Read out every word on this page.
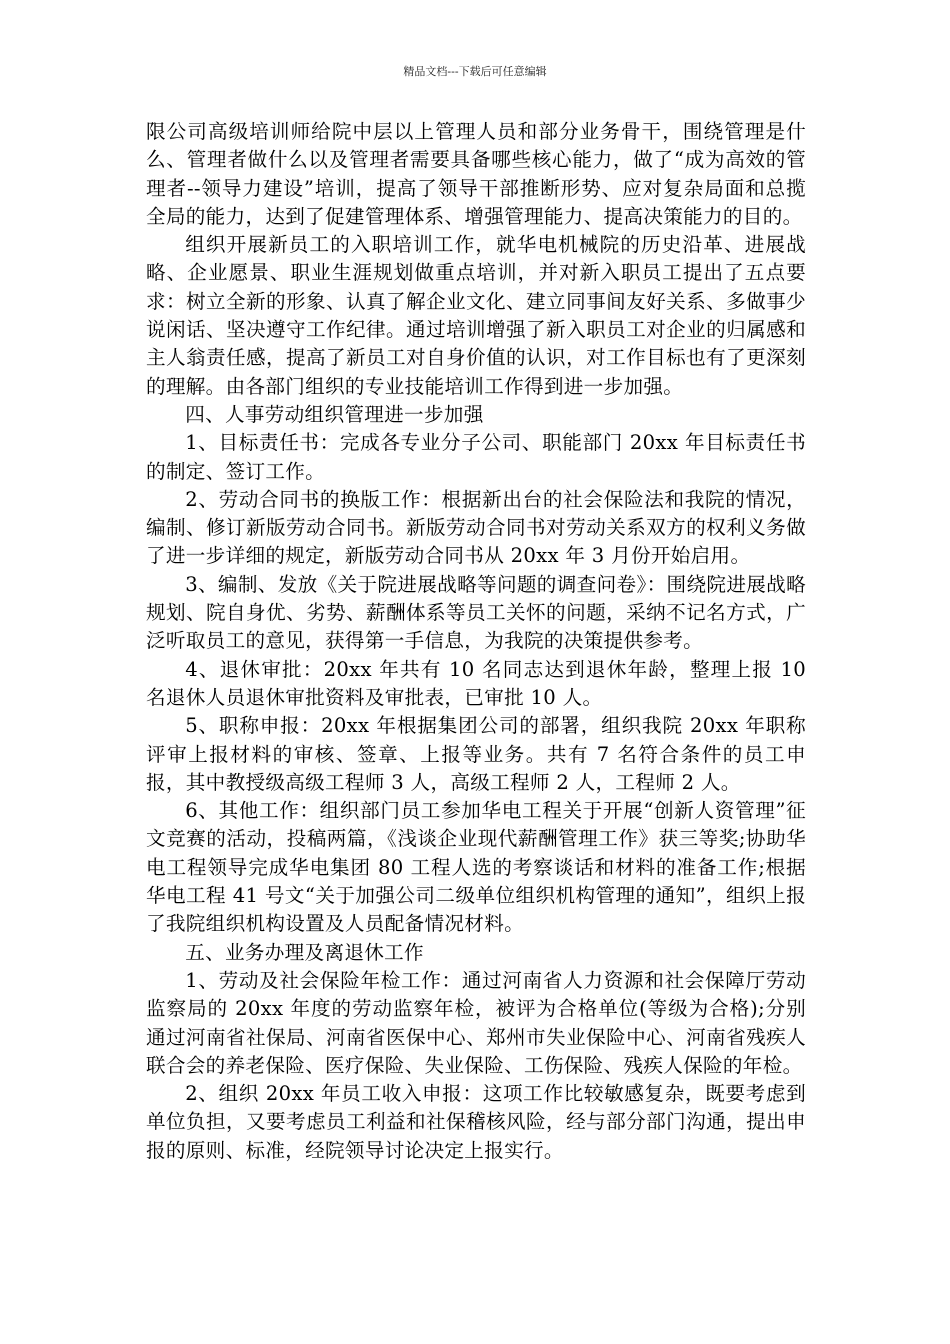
精品文档---下载后可任意编辑

限公司高级培训师给院中层以上管理人员和部分业务骨干，围绕管理是什么、管理者做什么以及管理者需要具备哪些核心能力，做了“成为高效的管理者--领导力建设”培训，提高了领导干部推断形势、应对复杂局面和总揽全局的能力，达到了促建管理体系、增强管理能力、提高决策能力的目的。

组织开展新员工的入职培训工作，就华电机械院的历史沿革、进展战略、企业愿景、职业生涯规划做重点培训，并对新入职员工提出了五点要求：树立全新的形象、认真了解企业文化、建立同事间友好关系、多做事少说闲话、坚决遵守工作纪律。通过培训增强了新入职员工对企业的归属感和主人翁责任感，提高了新员工对自身价值的认识，对工作目标也有了更深刻的理解。由各部门组织的专业技能培训工作得到进一步加强。

四、人事劳动组织管理进一步加强

1、目标责任书：完成各专业分子公司、职能部门 20xx 年目标责任书的制定、签订工作。

2、劳动合同书的换版工作：根据新出台的社会保险法和我院的情况，编制、修订新版劳动合同书。新版劳动合同书对劳动关系双方的权利义务做了进一步详细的规定，新版劳动合同书从 20xx 年 3 月份开始启用。

3、编制、发放《关于院进展战略等问题的调查问卷》：围绕院进展战略规划、院自身优、劣势、薪酬体系等员工关怀的问题，采纳不记名方式，广泛听取员工的意见，获得第一手信息，为我院的决策提供参考。

4、退休审批：20xx 年共有 10 名同志达到退休年龄，整理上报 10 名退休人员退休审批资料及审批表，已审批 10 人。

5、职称申报：20xx 年根据集团公司的部署，组织我院 20xx 年职称评审上报材料的审核、签章、上报等业务。共有 7 名符合条件的员工申报，其中教授级高级工程师 3 人，高级工程师 2 人，工程师 2 人。

6、其他工作：组织部门员工参加华电工程关于开展“创新人资管理”征文竞赛的活动，投稿两篇，《浅谈企业现代薪酬管理工作》获三等奖;协助华电工程领导完成华电集团 80 工程人选的考察谈话和材料的准备工作;根据华电工程 41 号文“关于加强公司二级单位组织机构管理的通知”，组织上报了我院组织机构设置及人员配备情况材料。

五、业务办理及离退休工作

1、劳动及社会保险年检工作：通过河南省人力资源和社会保障厅劳动监察局的 20xx 年度的劳动监察年检，被评为合格单位(等级为合格);分别通过河南省社保局、河南省医保中心、郑州市失业保险中心、河南省残疾人联合会的养老保险、医疗保险、失业保险、工伤保险、残疾人保险的年检。

2、组织 20xx 年员工收入申报：这项工作比较敏感复杂，既要考虑到单位负担，又要考虑员工利益和社保稽核风险，经与部分部门沟通，提出申报的原则、标准，经院领导讨论决定上报实行。
